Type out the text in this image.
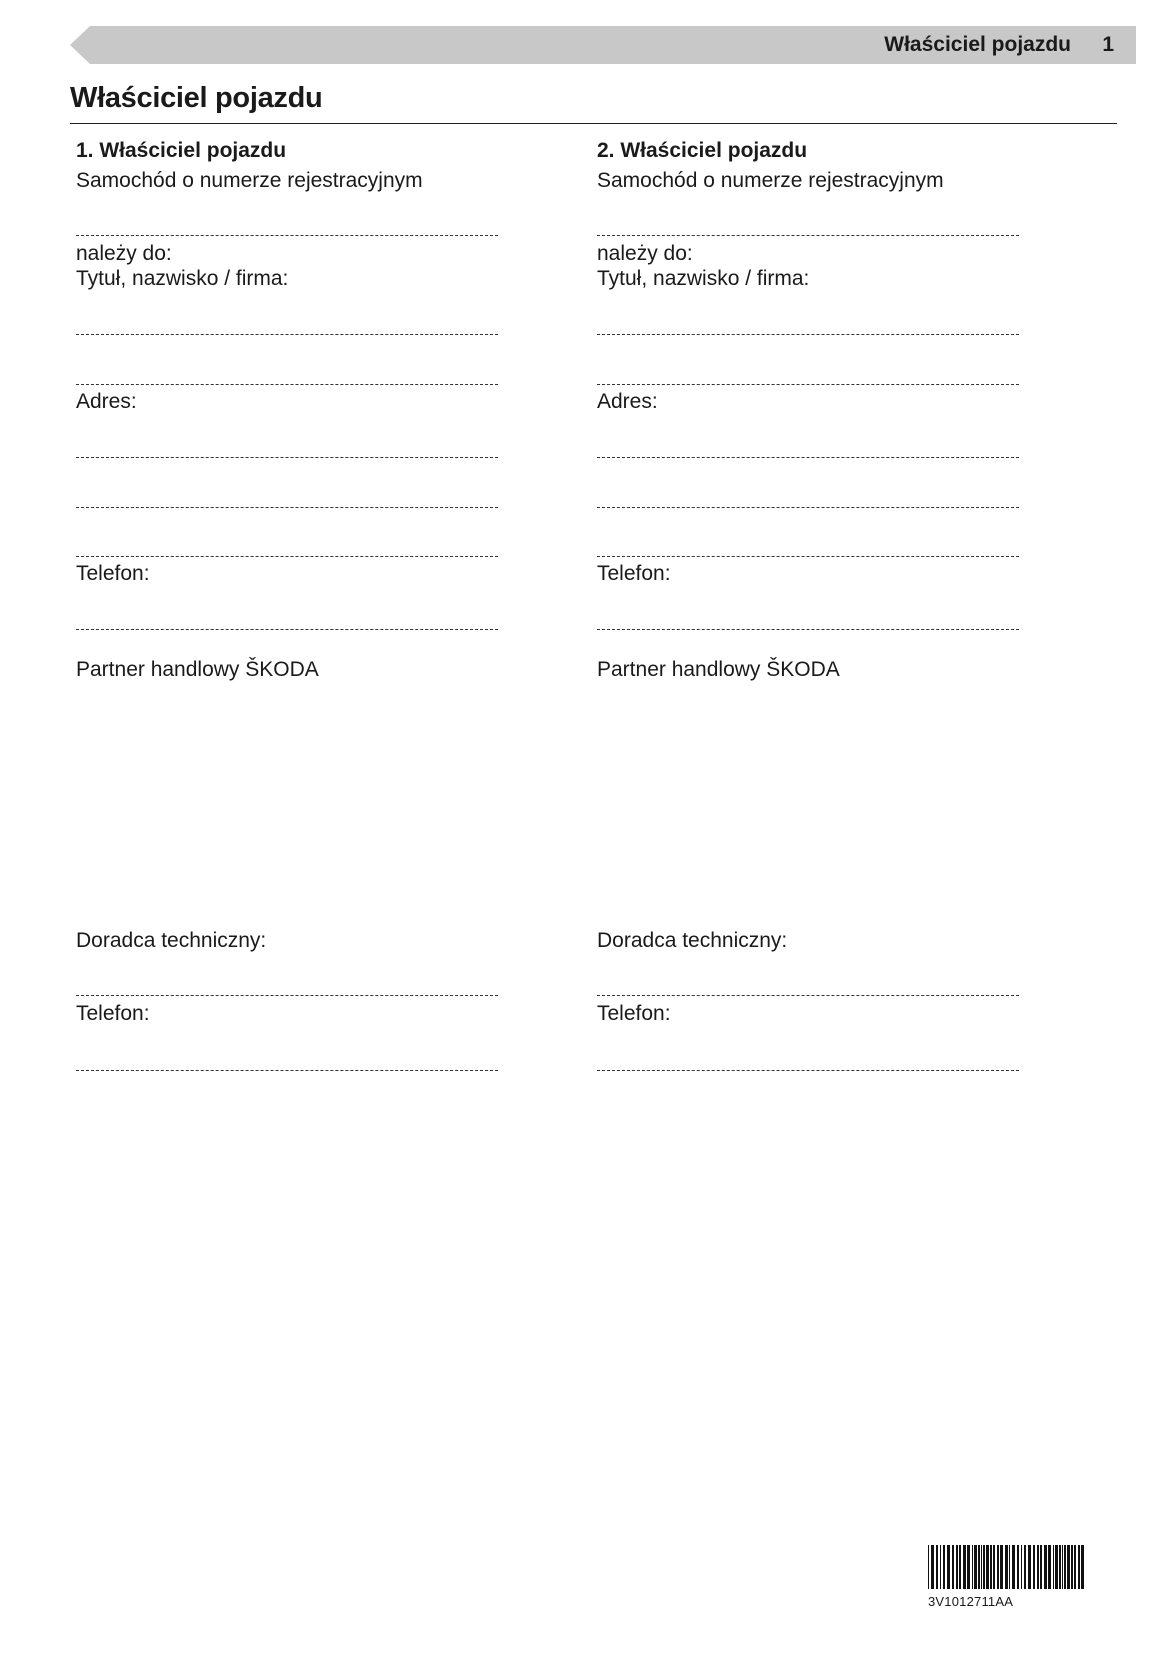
Właściciel pojazdu 1
Właściciel pojazdu
1. Właściciel pojazdu
Samochód o numerze rejestracyjnym
należy do:
Tytuł, nazwisko / firma:
Adres:
Telefon:
Partner handlowy ŠKODA
Doradca techniczny:
Telefon:
2. Właściciel pojazdu
Samochód o numerze rejestracyjnym
należy do:
Tytuł, nazwisko / firma:
Adres:
Telefon:
Partner handlowy ŠKODA
Doradca techniczny:
Telefon:
3V1012711AA
